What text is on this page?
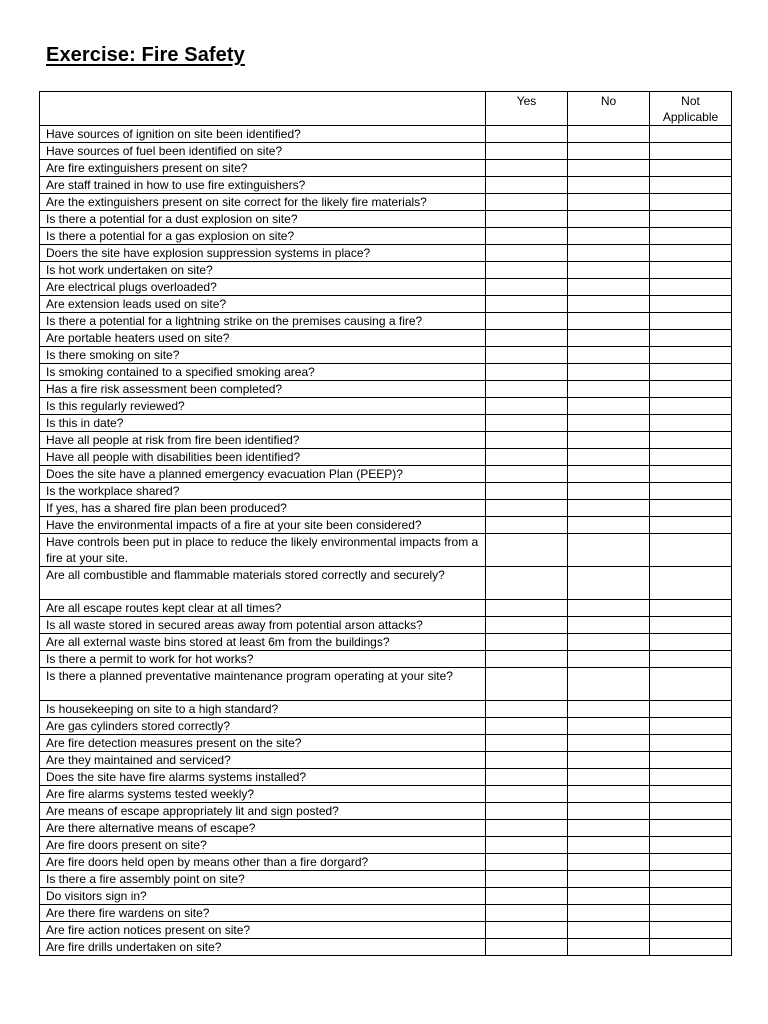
Exercise: Fire Safety
	Yes	No	Not Applicable
Have sources of ignition on site been identified?			
Have sources of fuel been identified on site?			
Are fire extinguishers present on site?			
Are staff trained in how to use fire extinguishers?			
Are the extinguishers present on site correct for the likely fire materials?			
Is there a potential for a dust explosion on site?			
Is there a potential for a gas explosion on site?			
Doers the site have explosion suppression systems in place?			
Is hot work undertaken on site?			
Are electrical plugs overloaded?			
Are extension leads used on site?			
Is there a potential for a lightning strike on the premises causing a fire?			
Are portable heaters used on site?			
Is there smoking on site?			
Is smoking contained to a specified smoking area?			
Has a fire risk assessment been completed?			
Is this regularly reviewed?			
Is this in date?			
Have all people at risk from fire been identified?			
Have all people with disabilities been identified?			
Does the site have a planned emergency evacuation Plan (PEEP)?			
Is the workplace shared?			
If yes, has a shared fire plan been produced?			
Have the environmental impacts of a fire at your site been considered?			
Have controls been put in place to reduce the likely environmental impacts from a fire at your site.			
Are all combustible and flammable materials stored correctly and securely?			
Are all escape routes kept clear at all times?			
Is all waste stored in secured areas away from potential arson attacks?			
Are all external waste bins stored at least 6m from the buildings?			
Is there a permit to work for hot works?			
Is there a planned preventative maintenance program operating at your site?			
Is housekeeping on site to a high standard?			
Are gas cylinders stored correctly?			
Are fire detection measures present on the site?			
Are they maintained and serviced?			
Does the site have fire alarms systems installed?			
Are fire alarms systems tested weekly?			
Are means of escape appropriately lit and sign posted?			
Are there alternative means of escape?			
Are fire doors present on site?			
Are fire doors held open by means other than a fire dorgard?			
Is there a fire assembly point on site?			
Do visitors sign in?			
Are there fire wardens on site?			
Are fire action notices present on site?			
Are fire drills undertaken on site?			
